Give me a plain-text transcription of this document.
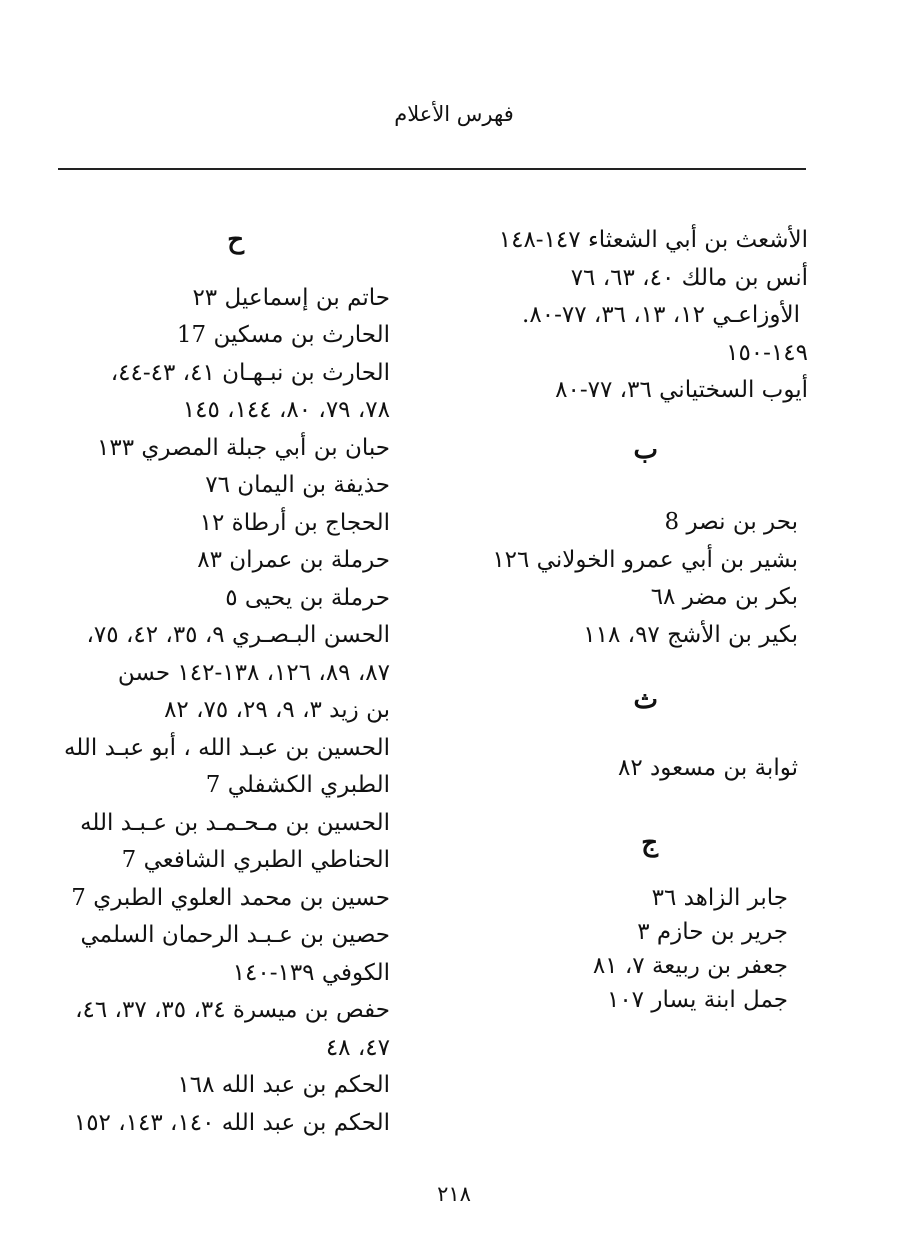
فهرس الأعلام
الأشعث بن أبي الشعثاء ١٤٧-١٤٨
أنس بن مالك ٤٠، ٦٣، ٧٦
الأوزاعـي ١٢، ١٣، ٣٦، ٧٧-٨٠.
١٤٩-١٥٠
أيوب السختياني ٣٦، ٧٧-٨٠
ب
بحر بن نصر 8
بشير بن أبي عمرو الخولاني ١٢٦
بكر بن مضر ٦٨
بكير بن الأشج ٩٧، ١١٨
ث
ثوابة بن مسعود ٨٢
ج
جابر الزاهد ٣٦
جرير بن حازم ٣
جعفر بن ربيعة ٧، ٨١
جمل ابنة يسار ١٠٧
ح
حاتم بن إسماعيل ٢٣
الحارث بن مسكين 17
الحارث بن نبـهـان ٤١، ٤٣-٤٤،
٧٨، ٧٩، ٨٠، ١٤٤، ١٤٥
حبان بن أبي جبلة المصري ١٣٣
حذيفة بن اليمان ٧٦
الحجاج بن أرطاة ١٢
حرملة بن عمران ٨٣
حرملة بن يحيى ٥
الحسن البـصـري ٩، ٣٥، ٤٢، ٧٥،
٨٧، ٨٩، ١٢٦، ١٣٨-١٤٢ حسن
بن زيد ٣، ٩، ٢٩، ٧٥، ٨٢
الحسين بن عبـد الله ، أبو عبـد الله
الطبري الكشفلي 7
الحسين بن مـحـمـد بن عـبـد الله
الحناطي الطبري الشافعي 7
حسين بن محمد العلوي الطبري 7
حصين بن عـبـد الرحمان السلمي
الكوفي ١٣٩-١٤٠
حفص بن ميسرة ٣٤، ٣٥، ٣٧، ٤٦،
٤٧، ٤٨
الحكم بن عبد الله ١٦٨
الحكم بن عبد الله ١٤٠، ١٤٣، ١٥٢
٢١٨
